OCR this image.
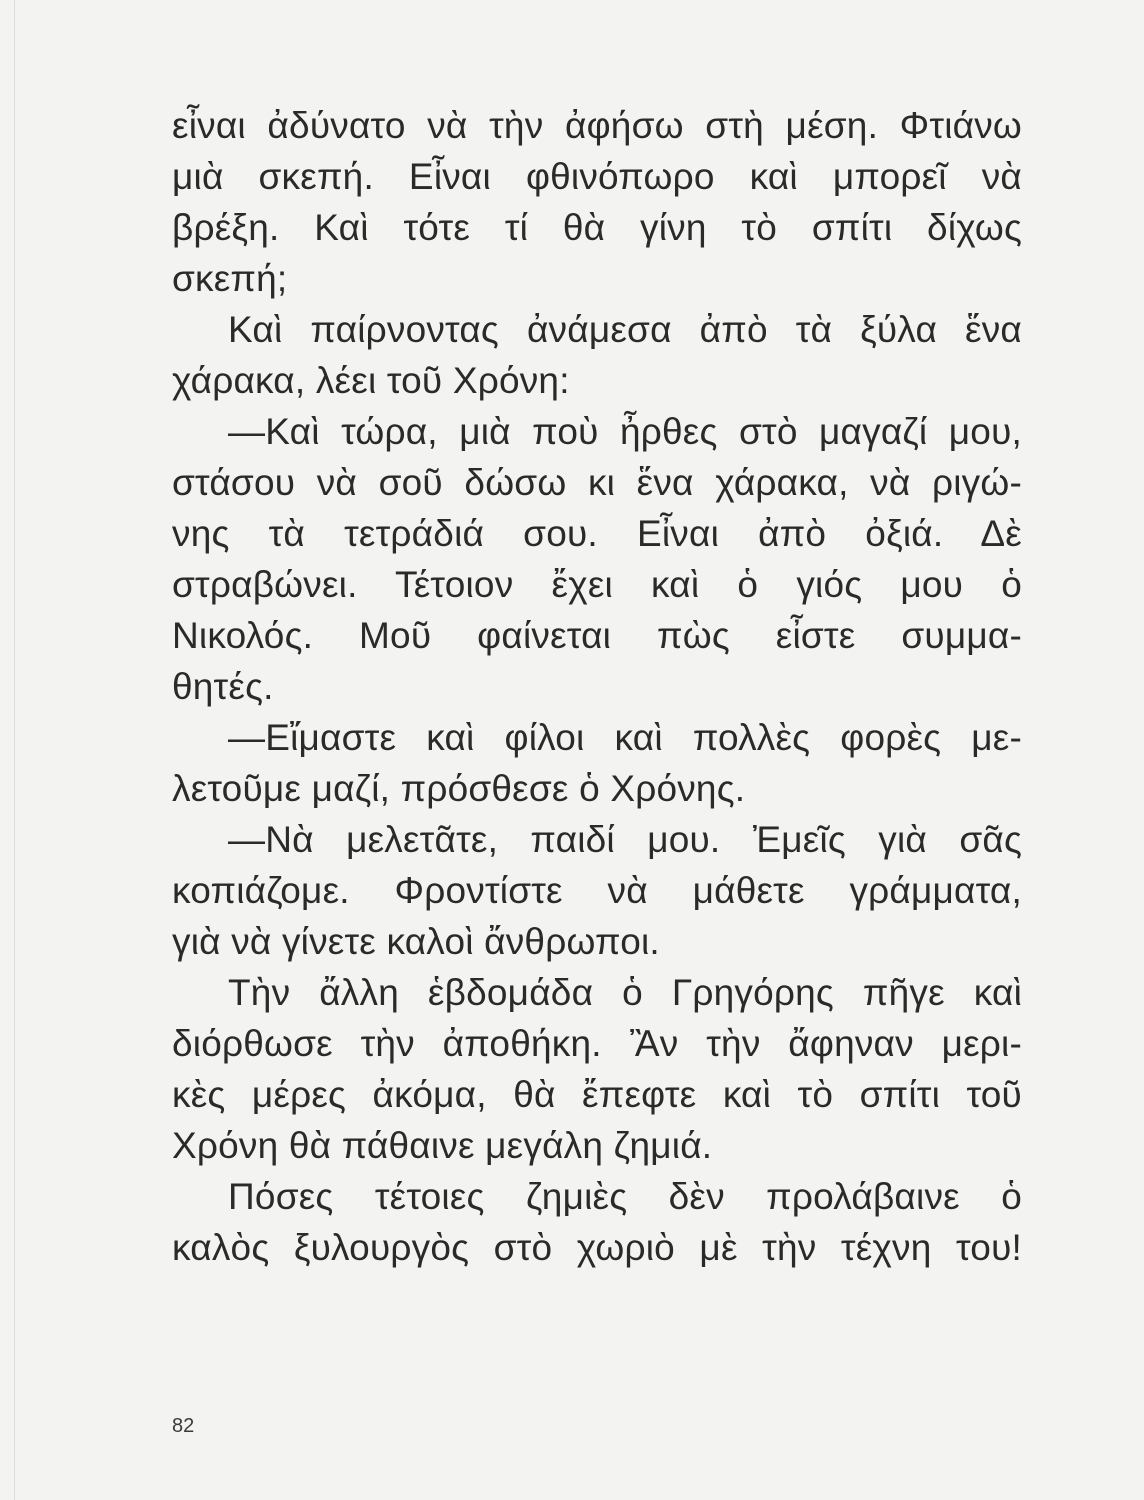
εἶναι ἀδύνατο νὰ τὴν ἀφήσω στὴ μέση. Φτιάνω
μιὰ σκεπή. Εἶναι φθινόπωρο καὶ μπορεῖ νὰ
βρέξη. Καὶ τότε τί θὰ γίνη τὸ σπίτι δίχως
σκεπή;
Καὶ παίρνοντας ἀνάμεσα ἀπὸ τὰ ξύλα ἕνα
χάρακα, λέει τοῦ Χρόνη:
—Καὶ τώρα, μιὰ ποὺ ἦρθες στὸ μαγαζί μου,
στάσου νὰ σοῦ δώσω κι ἕνα χάρακα, νὰ ριγώ-
νης τὰ τετράδιά σου. Εἶναι ἀπὸ ὀξιά. Δὲ
στραβώνει. Τέτοιον ἔχει καὶ ὁ γιός μου ὁ
Νικολός. Μοῦ φαίνεται πὼς εἶστε συμμα-
θητές.
—Εἴμαστε καὶ φίλοι καὶ πολλὲς φορὲς με-
λετοῦμε μαζί, πρόσθεσε ὁ Χρόνης.
—Νὰ μελετᾶτε, παιδί μου. Ἐμεῖς γιὰ σᾶς
κοπιάζομε. Φροντίστε νὰ μάθετε γράμματα,
γιὰ νὰ γίνετε καλοὶ ἄνθρωποι.
Τὴν ἄλλη ἑβδομάδα ὁ Γρηγόρης πῆγε καὶ
διόρθωσε τὴν ἀποθήκη. Ἂν τὴν ἄφηναν μερι-
κὲς μέρες ἀκόμα, θὰ ἔπεφτε καὶ τὸ σπίτι τοῦ
Χρόνη θὰ πάθαινε μεγάλη ζημιά.
Πόσες τέτοιες ζημιὲς δὲν προλάβαινε ὁ
καλὸς ξυλουργὸς στὸ χωριὸ μὲ τὴν τέχνη του!
82
